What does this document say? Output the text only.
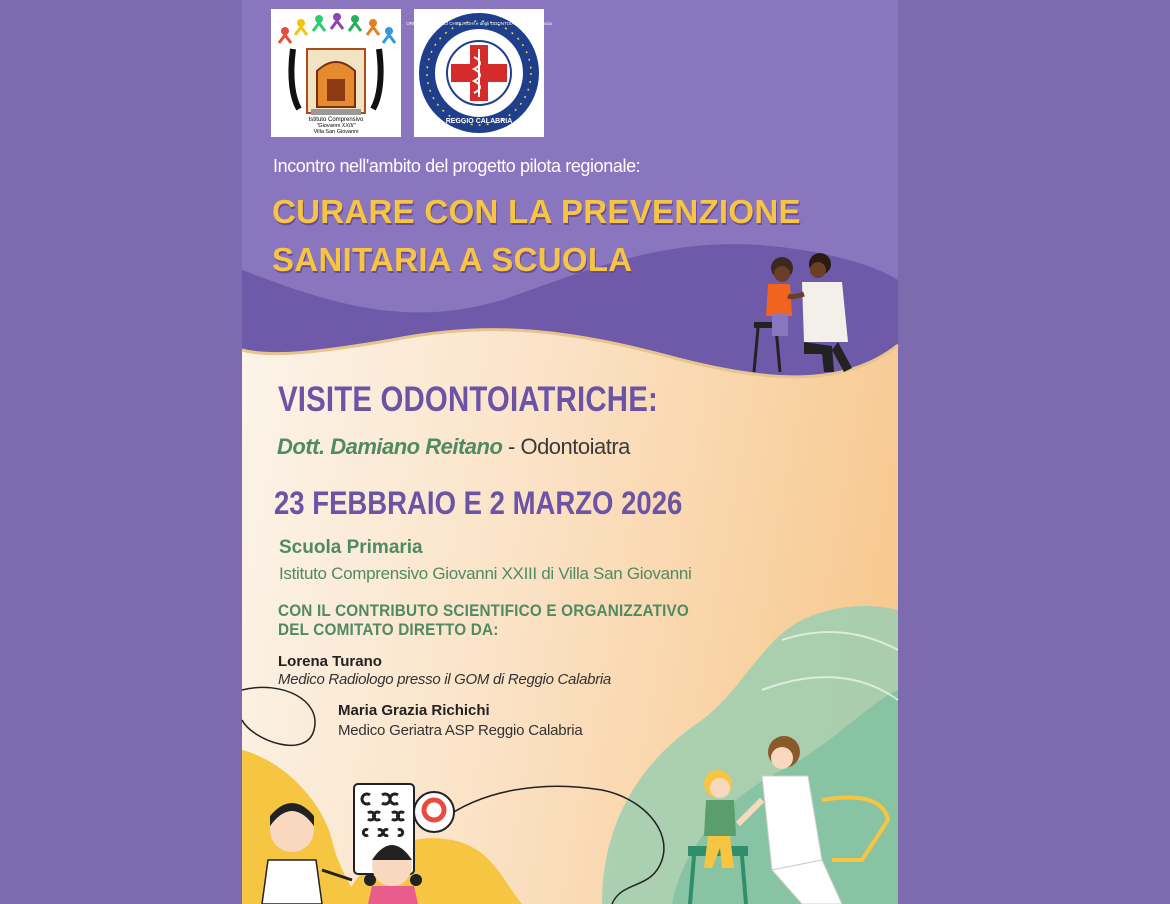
Istituto Comprensivo
"Giovanni XXIII"
Villa San Giovanni
REGGIO CALABRIA
ORDINE dei MEDICI CHIRURGHI e degli ODONTOIATRI della Provincia
Incontro nell'ambito del progetto pilota regionale:
CURARE CON LA PREVENZIONE
SANITARIA A SCUOLA
VISITE ODONTOIATRICHE:
Dott. Damiano Reitano - Odontoiatra
23 FEBBRAIO E 2 MARZO 2026
Scuola Primaria
Istituto Comprensivo Giovanni XXIII di Villa San Giovanni
CON IL CONTRIBUTO SCIENTIFICO E ORGANIZZATIVO
DEL COMITATO DIRETTO DA:
Lorena Turano
Medico Radiologo presso il GOM di Reggio Calabria
Maria Grazia Richichi
Medico Geriatra ASP Reggio Calabria
